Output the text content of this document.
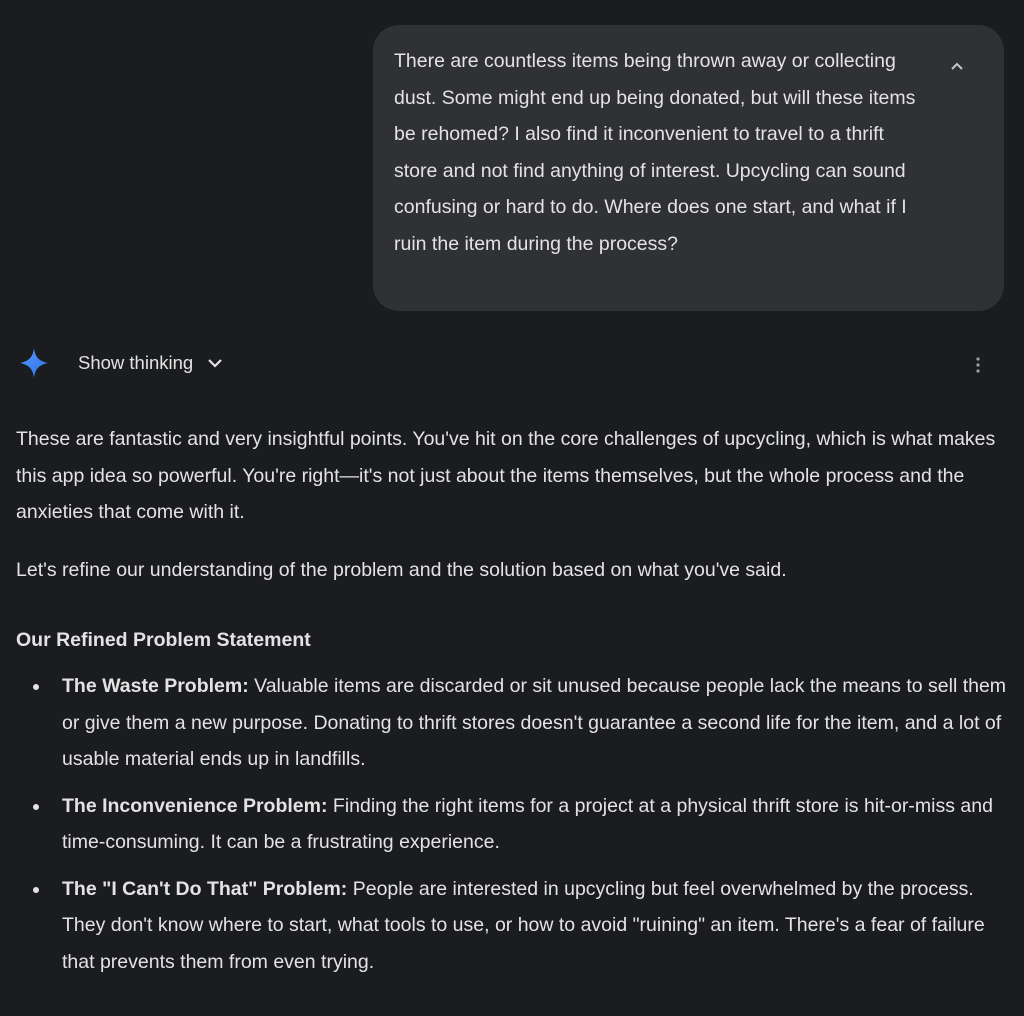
There are countless items being thrown away or collecting dust. Some might end up being donated, but will these items be rehomed? I also find it inconvenient to travel to a thrift store and not find anything of interest. Upcycling can sound confusing or hard to do. Where does one start, and what if I ruin the item during the process?

Show thinking

These are fantastic and very insightful points. You've hit on the core challenges of upcycling, which is what makes this app idea so powerful. You're right—it's not just about the items themselves, but the whole process and the anxieties that come with it.

Let's refine our understanding of the problem and the solution based on what you've said.

Our Refined Problem Statement
The Waste Problem: Valuable items are discarded or sit unused because people lack the means to sell them or give them a new purpose. Donating to thrift stores doesn't guarantee a second life for the item, and a lot of usable material ends up in landfills.
The Inconvenience Problem: Finding the right items for a project at a physical thrift store is hit-or-miss and time-consuming. It can be a frustrating experience.
The "I Can't Do That" Problem: People are interested in upcycling but feel overwhelmed by the process. They don't know where to start, what tools to use, or how to avoid "ruining" an item. There's a fear of failure that prevents them from even trying.
